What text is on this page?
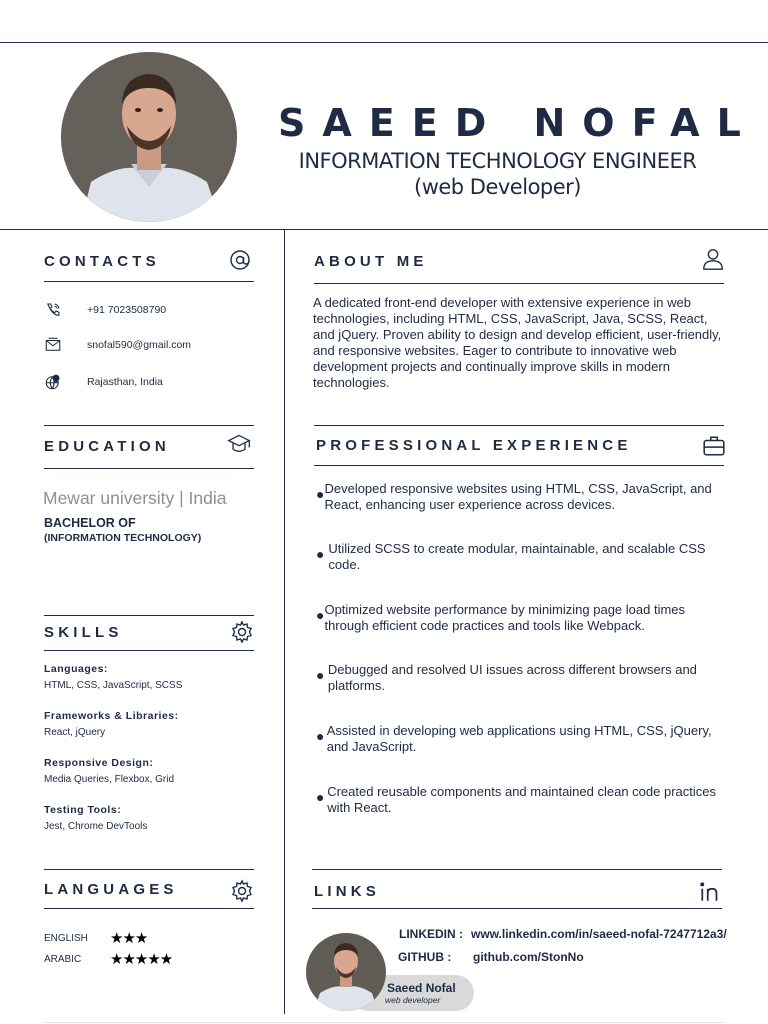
SAEED NOFAL
INFORMATION TECHNOLOGY ENGINEER
(web Developer)
CONTACTS
+91 7023508790
snofal590@gmail.com
Rajasthan, India
EDUCATION
Mewar university | India
BACHELOR OF
(INFORMATION TECHNOLOGY)
SKILLS
Languages:
HTML, CSS, JavaScript, SCSS
Frameworks & Libraries:
React, jQuery
Responsive Design:
Media Queries, Flexbox, Grid
Testing Tools:
Jest, Chrome DevTools
LANGUAGES
ENGLISH	★★★
ARABIC	★★★★★
ABOUT ME
A dedicated front-end developer with extensive experience in web technologies, including HTML, CSS, JavaScript, Java, SCSS, React, and jQuery. Proven ability to design and develop efficient, user-friendly, and responsive websites. Eager to contribute to innovative web development projects and continually improve skills in modern technologies.
PROFESSIONAL EXPERIENCE
● Developed responsive websites using HTML, CSS, JavaScript, and React, enhancing user experience across devices.
● Utilized SCSS to create modular, maintainable, and scalable CSS code.
● Optimized website performance by minimizing page load times through efficient code practices and tools like Webpack.
● Debugged and resolved UI issues across different browsers and platforms.
● Assisted in developing web applications using HTML, CSS, jQuery, and JavaScript.
● Created reusable components and maintained clean code practices with React.
LINKS
LINKEDIN : www.linkedin.com/in/saeed-nofal-7247712a3/
GITHUB : github.com/StonNo
Saeed Nofal
web developer
